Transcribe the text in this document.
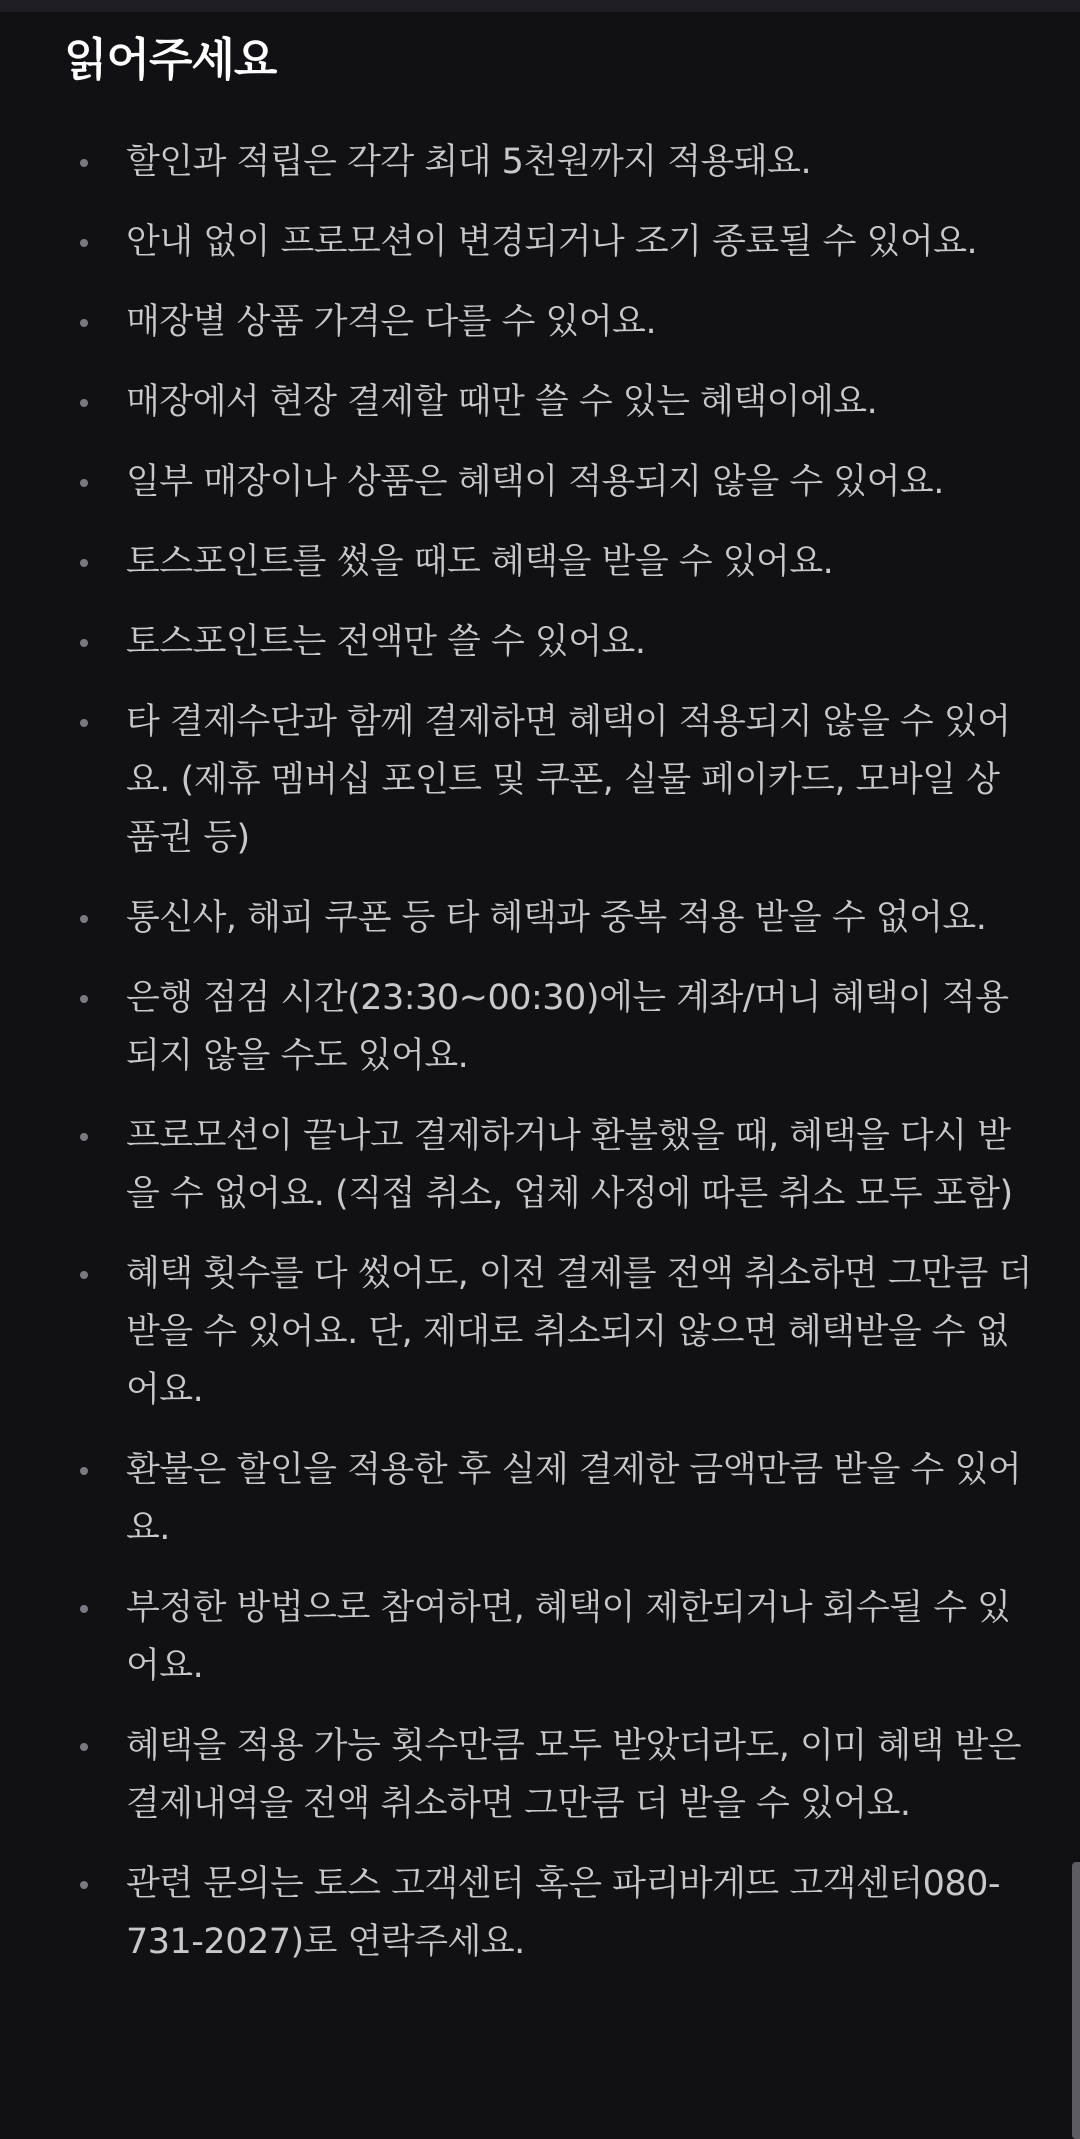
읽어주세요
할인과 적립은 각각 최대 5천원까지 적용돼요.
안내 없이 프로모션이 변경되거나 조기 종료될 수 있어요.
매장별 상품 가격은 다를 수 있어요.
매장에서 현장 결제할 때만 쓸 수 있는 혜택이에요.
일부 매장이나 상품은 혜택이 적용되지 않을 수 있어요.
토스포인트를 썼을 때도 혜택을 받을 수 있어요.
토스포인트는 전액만 쓸 수 있어요.
타 결제수단과 함께 결제하면 혜택이 적용되지 않을 수 있어요. (제휴 멤버십 포인트 및 쿠폰, 실물 페이카드, 모바일 상품권 등)
통신사, 해피 쿠폰 등 타 혜택과 중복 적용 받을 수 없어요.
은행 점검 시간(23:30~00:30)에는 계좌/머니 혜택이 적용되지 않을 수도 있어요.
프로모션이 끝나고 결제하거나 환불했을 때, 혜택을 다시 받을 수 없어요. (직접 취소, 업체 사정에 따른 취소 모두 포함)
혜택 횟수를 다 썼어도, 이전 결제를 전액 취소하면 그만큼 더 받을 수 있어요. 단, 제대로 취소되지 않으면 혜택받을 수 없어요.
환불은 할인을 적용한 후 실제 결제한 금액만큼 받을 수 있어요.
부정한 방법으로 참여하면, 혜택이 제한되거나 회수될 수 있어요.
혜택을 적용 가능 횟수만큼 모두 받았더라도, 이미 혜택 받은 결제내역을 전액 취소하면 그만큼 더 받을 수 있어요.
관련 문의는 토스 고객센터 혹은 파리바게뜨 고객센터080-731-2027)로 연락주세요.
